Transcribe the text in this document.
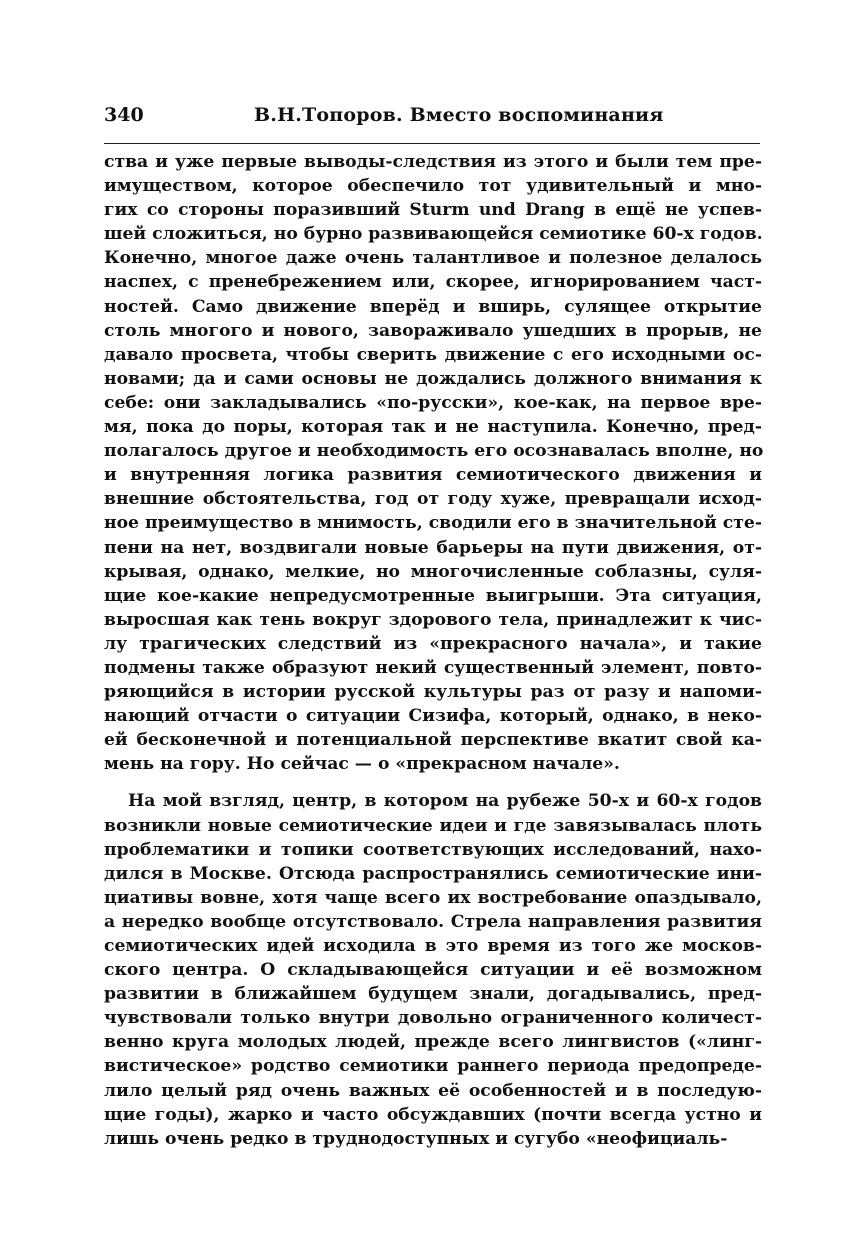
340	В.Н.Топоров. Вместо воспоминания
ства и уже первые выводы-следствия из этого и были тем пре-
имуществом, которое обеспечило тот удивительный и мно-
гих со стороны поразивший Sturm und Drang в ещё не успев-
шей сложиться, но бурно развивающейся семиотике 60-х годов.
Конечно, многое даже очень талантливое и полезное делалось
наспех, с пренебрежением или, скорее, игнорированием част-
ностей. Само движение вперёд и вширь, сулящее открытие
столь многого и нового, завораживало ушедших в прорыв, не
давало просвета, чтобы сверить движение с его исходными ос-
новами; да и сами основы не дождались должного внимания к
себе: они закладывались «по-русски», кое-как, на первое вре-
мя, пока до поры, которая так и не наступила. Конечно, пред-
полагалось другое и необходимость его осознавалась вполне, но
и внутренняя логика развития семиотического движения и
внешние обстоятельства, год от году хуже, превращали исход-
ное преимущество в мнимость, сводили его в значительной сте-
пени на нет, воздвигали новые барьеры на пути движения, от-
крывая, однако, мелкие, но многочисленные соблазны, суля-
щие кое-какие непредусмотренные выигрыши. Эта ситуация,
выросшая как тень вокруг здорового тела, принадлежит к чис-
лу трагических следствий из «прекрасного начала», и такие
подмены также образуют некий существенный элемент, повто-
ряющийся в истории русской культуры раз от разу и напоми-
нающий отчасти о ситуации Сизифа, который, однако, в неко-
ей бесконечной и потенциальной перспективе вкатит свой ка-
мень на гору. Но сейчас — о «прекрасном начале».
На мой взгляд, центр, в котором на рубеже 50-х и 60-х годов
возникли новые семиотические идеи и где завязывалась плоть
проблематики и топики соответствующих исследований, нахо-
дился в Москве. Отсюда распространялись семиотические ини-
циативы вовне, хотя чаще всего их востребование опаздывало,
а нередко вообще отсутствовало. Стрела направления развития
семиотических идей исходила в это время из того же москов-
ского центра. О складывающейся ситуации и её возможном
развитии в ближайшем будущем знали, догадывались, пред-
чувствовали только внутри довольно ограниченного количест-
венно круга молодых людей, прежде всего лингвистов («линг-
вистическое» родство семиотики раннего периода предопреде-
лило целый ряд очень важных её особенностей и в последую-
щие годы), жарко и часто обсуждавших (почти всегда устно и
лишь очень редко в труднодоступных и сугубо «неофициаль-
